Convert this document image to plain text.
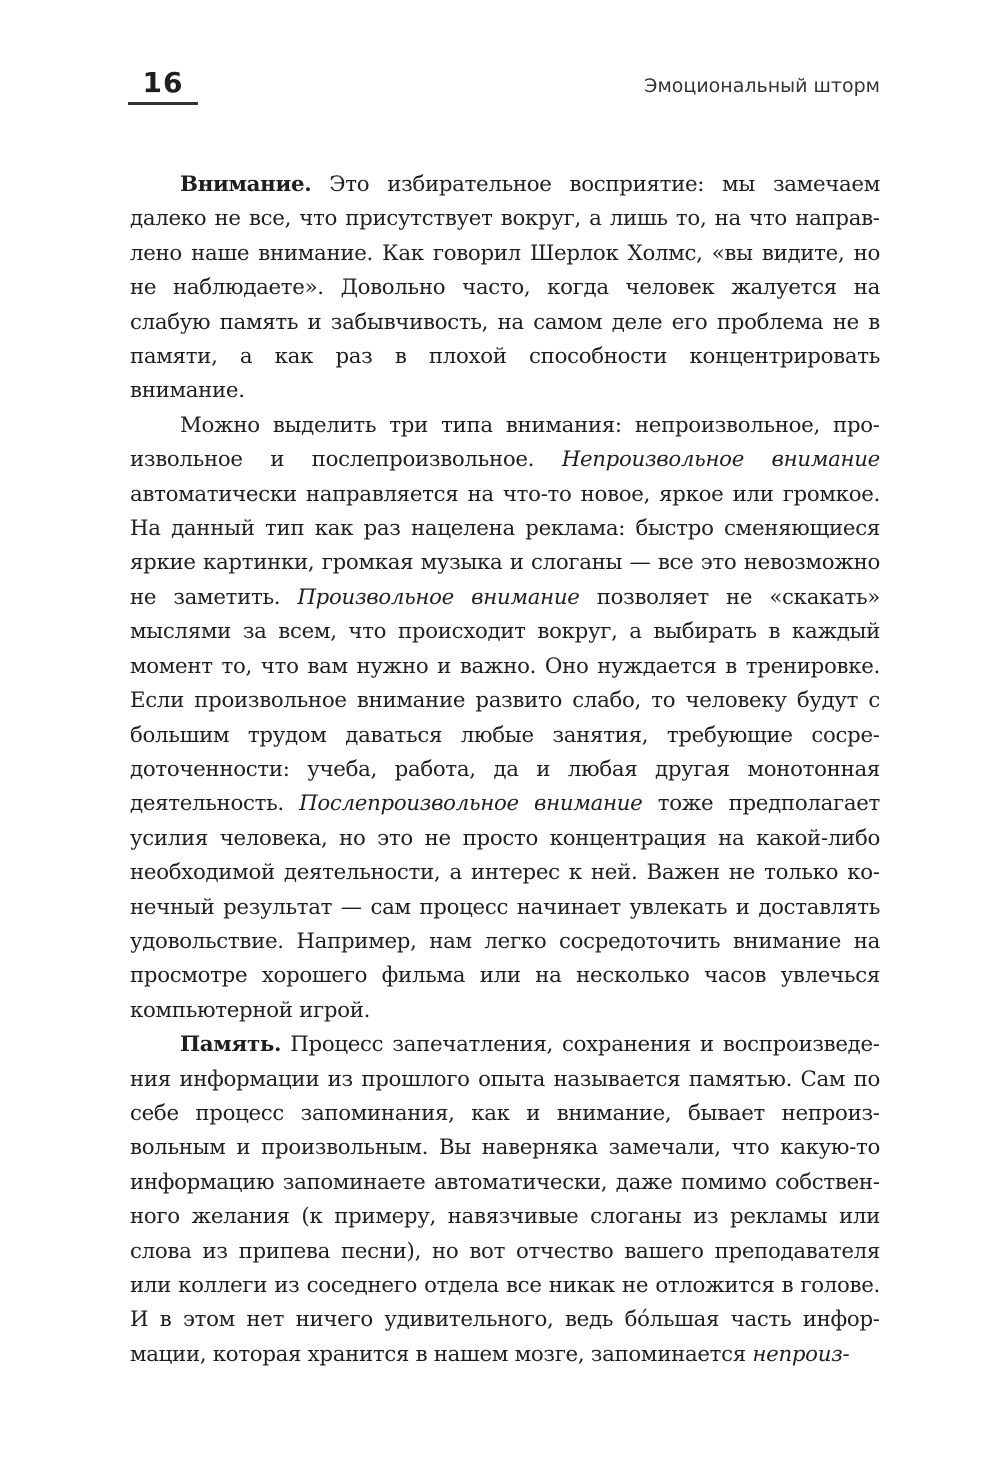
16	Эмоциональный шторм

Внимание. Это избирательное восприятие: мы замечаем далеко не все, что присутствует вокруг, а лишь то, на что направлено наше внимание. Как говорил Шерлок Холмс, «вы видите, но не наблюдаете». Довольно часто, когда человек жалуется на слабую память и забывчивость, на самом деле его проблема не в памяти, а как раз в плохой способности концентрировать внимание.

Можно выделить три типа внимания: непроизвольное, произвольное и послепроизвольное. Непроизвольное внимание автоматически направляется на что-то новое, яркое или громкое. На данный тип как раз нацелена реклама: быстро сменяющиеся яркие картинки, громкая музыка и слоганы — все это невозможно не заметить. Произвольное внимание позволяет не «скакать» мыслями за всем, что происходит вокруг, а выбирать в каждый момент то, что вам нужно и важно. Оно нуждается в тренировке. Если произвольное внимание развито слабо, то человеку будут с большим трудом даваться любые занятия, требующие сосредоточенности: учеба, работа, да и любая другая монотонная деятельность. Послепроизвольное внимание тоже предполагает усилия человека, но это не просто концентрация на какой-либо необходимой деятельности, а интерес к ней. Важен не только конечный результат — сам процесс начинает увлекать и доставлять удовольствие. Например, нам легко сосредоточить внимание на просмотре хорошего фильма или на несколько часов увлечься компьютерной игрой.

Память. Процесс запечатления, сохранения и воспроизведения информации из прошлого опыта называется памятью. Сам по себе процесс запоминания, как и внимание, бывает непроизвольным и произвольным. Вы наверняка замечали, что какую-то информацию запоминаете автоматически, даже помимо собственного желания (к примеру, навязчивые слоганы из рекламы или слова из припева песни), но вот отчество вашего преподавателя или коллеги из соседнего отдела все никак не отложится в голове. И в этом нет ничего удивительного, ведь бóльшая часть информации, которая хранится в нашем мозге, запоминается непроиз-
